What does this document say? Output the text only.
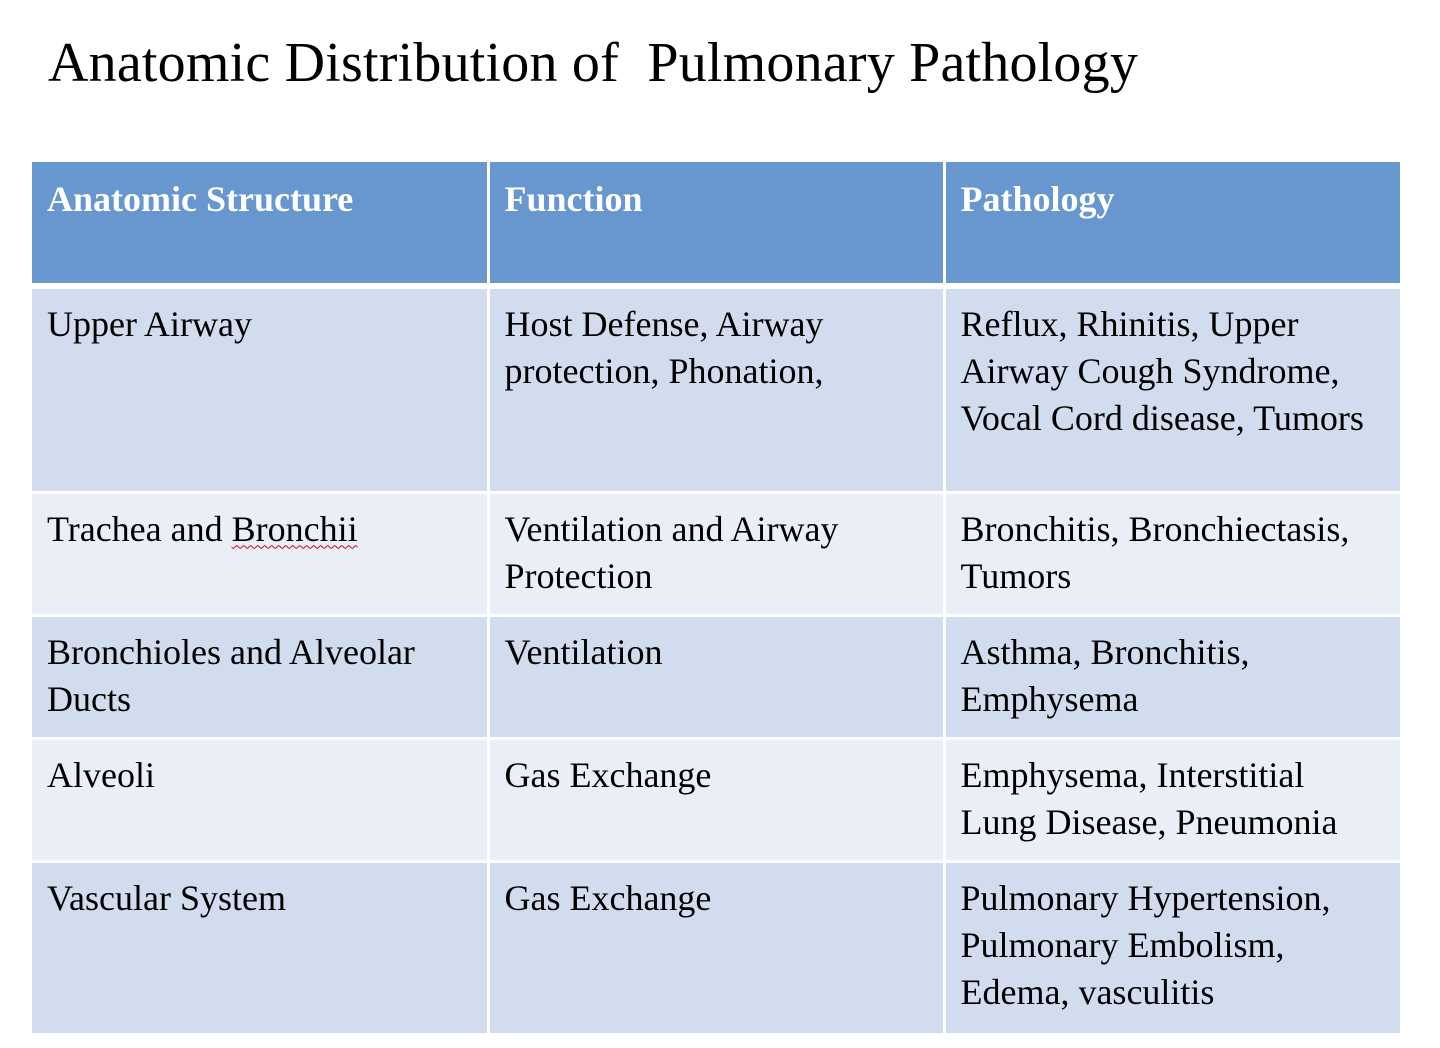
Anatomic Distribution of  Pulmonary Pathology
Anatomic Structure	Function	Pathology
Upper Airway	Host Defense, Airway protection, Phonation,	Reflux, Rhinitis, Upper Airway Cough Syndrome, Vocal Cord disease, Tumors
Trachea and Bronchii	Ventilation and Airway Protection	Bronchitis, Bronchiectasis, Tumors
Bronchioles and Alveolar Ducts	Ventilation	Asthma, Bronchitis, Emphysema
Alveoli	Gas Exchange	Emphysema, Interstitial Lung Disease, Pneumonia
Vascular System	Gas Exchange	Pulmonary Hypertension, Pulmonary Embolism, Edema, vasculitis
